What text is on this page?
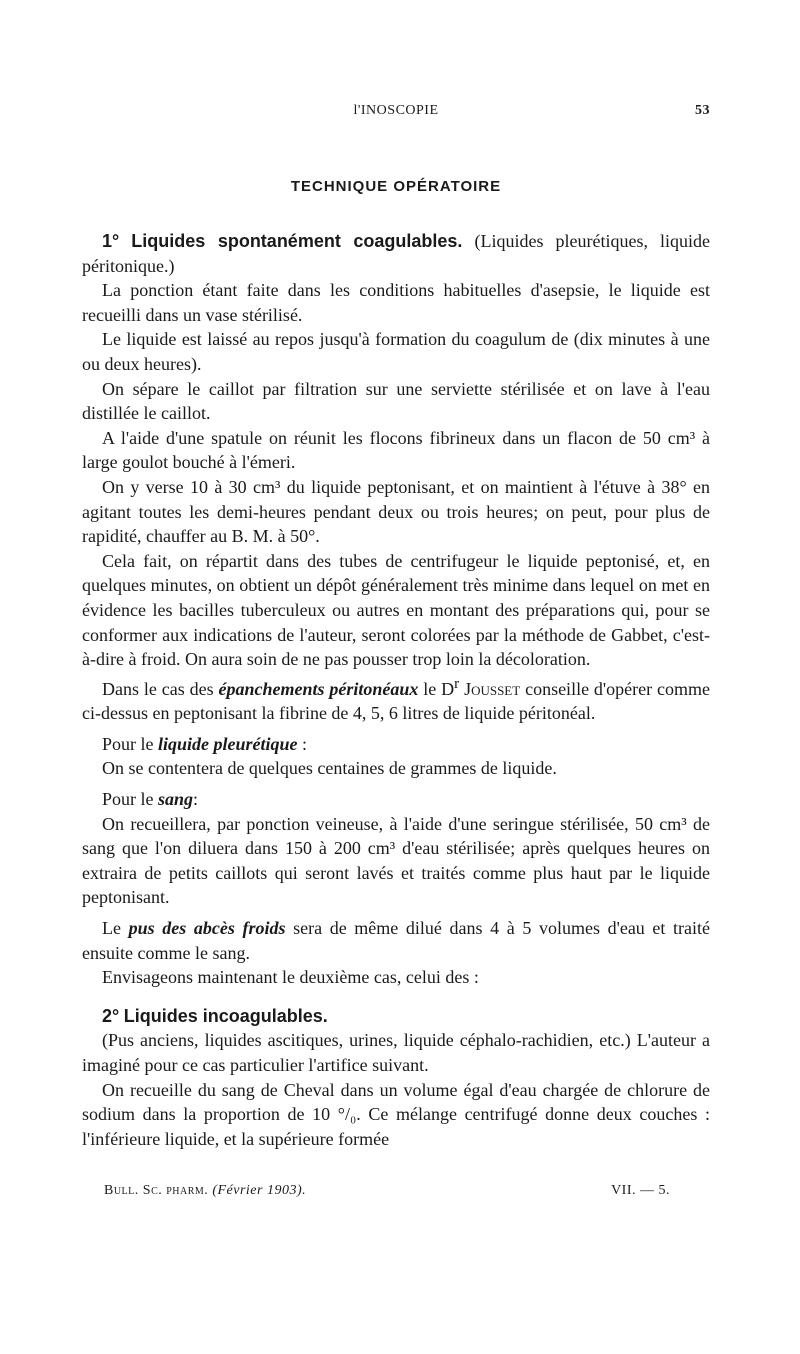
l'INOSCOPIE	53
TECHNIQUE OPÉRATOIRE

1° Liquides spontanément coagulables. (Liquides pleurétiques, liquide péritonique.)

La ponction étant faite dans les conditions habituelles d'asepsie, le liquide est recueilli dans un vase stérilisé.

Le liquide est laissé au repos jusqu'à formation du coagulum de (dix minutes à une ou deux heures).

On sépare le caillot par filtration sur une serviette stérilisée et on lave à l'eau distillée le caillot.

A l'aide d'une spatule on réunit les flocons fibrineux dans un flacon de 50 cm³ à large goulot bouché à l'émeri.

On y verse 10 à 30 cm³ du liquide peptonisant, et on maintient à l'étuve à 38° en agitant toutes les demi-heures pendant deux ou trois heures; on peut, pour plus de rapidité, chauffer au B. M. à 50°.

Cela fait, on répartit dans des tubes de centrifugeur le liquide peptonisé, et, en quelques minutes, on obtient un dépôt généralement très minime dans lequel on met en évidence les bacilles tuberculeux ou autres en montant des préparations qui, pour se conformer aux indications de l'auteur, seront colorées par la méthode de Gabbet, c'est-à-dire à froid. On aura soin de ne pas pousser trop loin la décoloration.

Dans le cas des épanchements péritonéaux le $D^r$ Jousset conseille d'opérer comme ci-dessus en peptonisant la fibrine de 4, 5, 6 litres de liquide péritonéal.

Pour le liquide pleurétique :

On se contentera de quelques centaines de grammes de liquide.

Pour le sang:

On recueillera, par ponction veineuse, à l'aide d'une seringue stérilisée, 50 cm³ de sang que l'on diluera dans 150 à 200 cm³ d'eau stérilisée; après quelques heures on extraira de petits caillots qui seront lavés et traités comme plus haut par le liquide peptonisant.

Le pus des abcès froids sera de même dilué dans 4 à 5 volumes d'eau et traité ensuite comme le sang.

Envisageons maintenant le deuxième cas, celui des :

2° Liquides incoagulables.

(Pus anciens, liquides ascitiques, urines, liquide céphalo-rachidien, etc.) L'auteur a imaginé pour ce cas particulier l'artifice suivant.

On recueille du sang de Cheval dans un volume égal d'eau chargée de chlorure de sodium dans la proportion de 10 °/₀. Ce mélange centrifugé donne deux couches : l'inférieure liquide, et la supérieure formée

Bull. Sc. pharm. (Février 1903).	VII. — 5.
